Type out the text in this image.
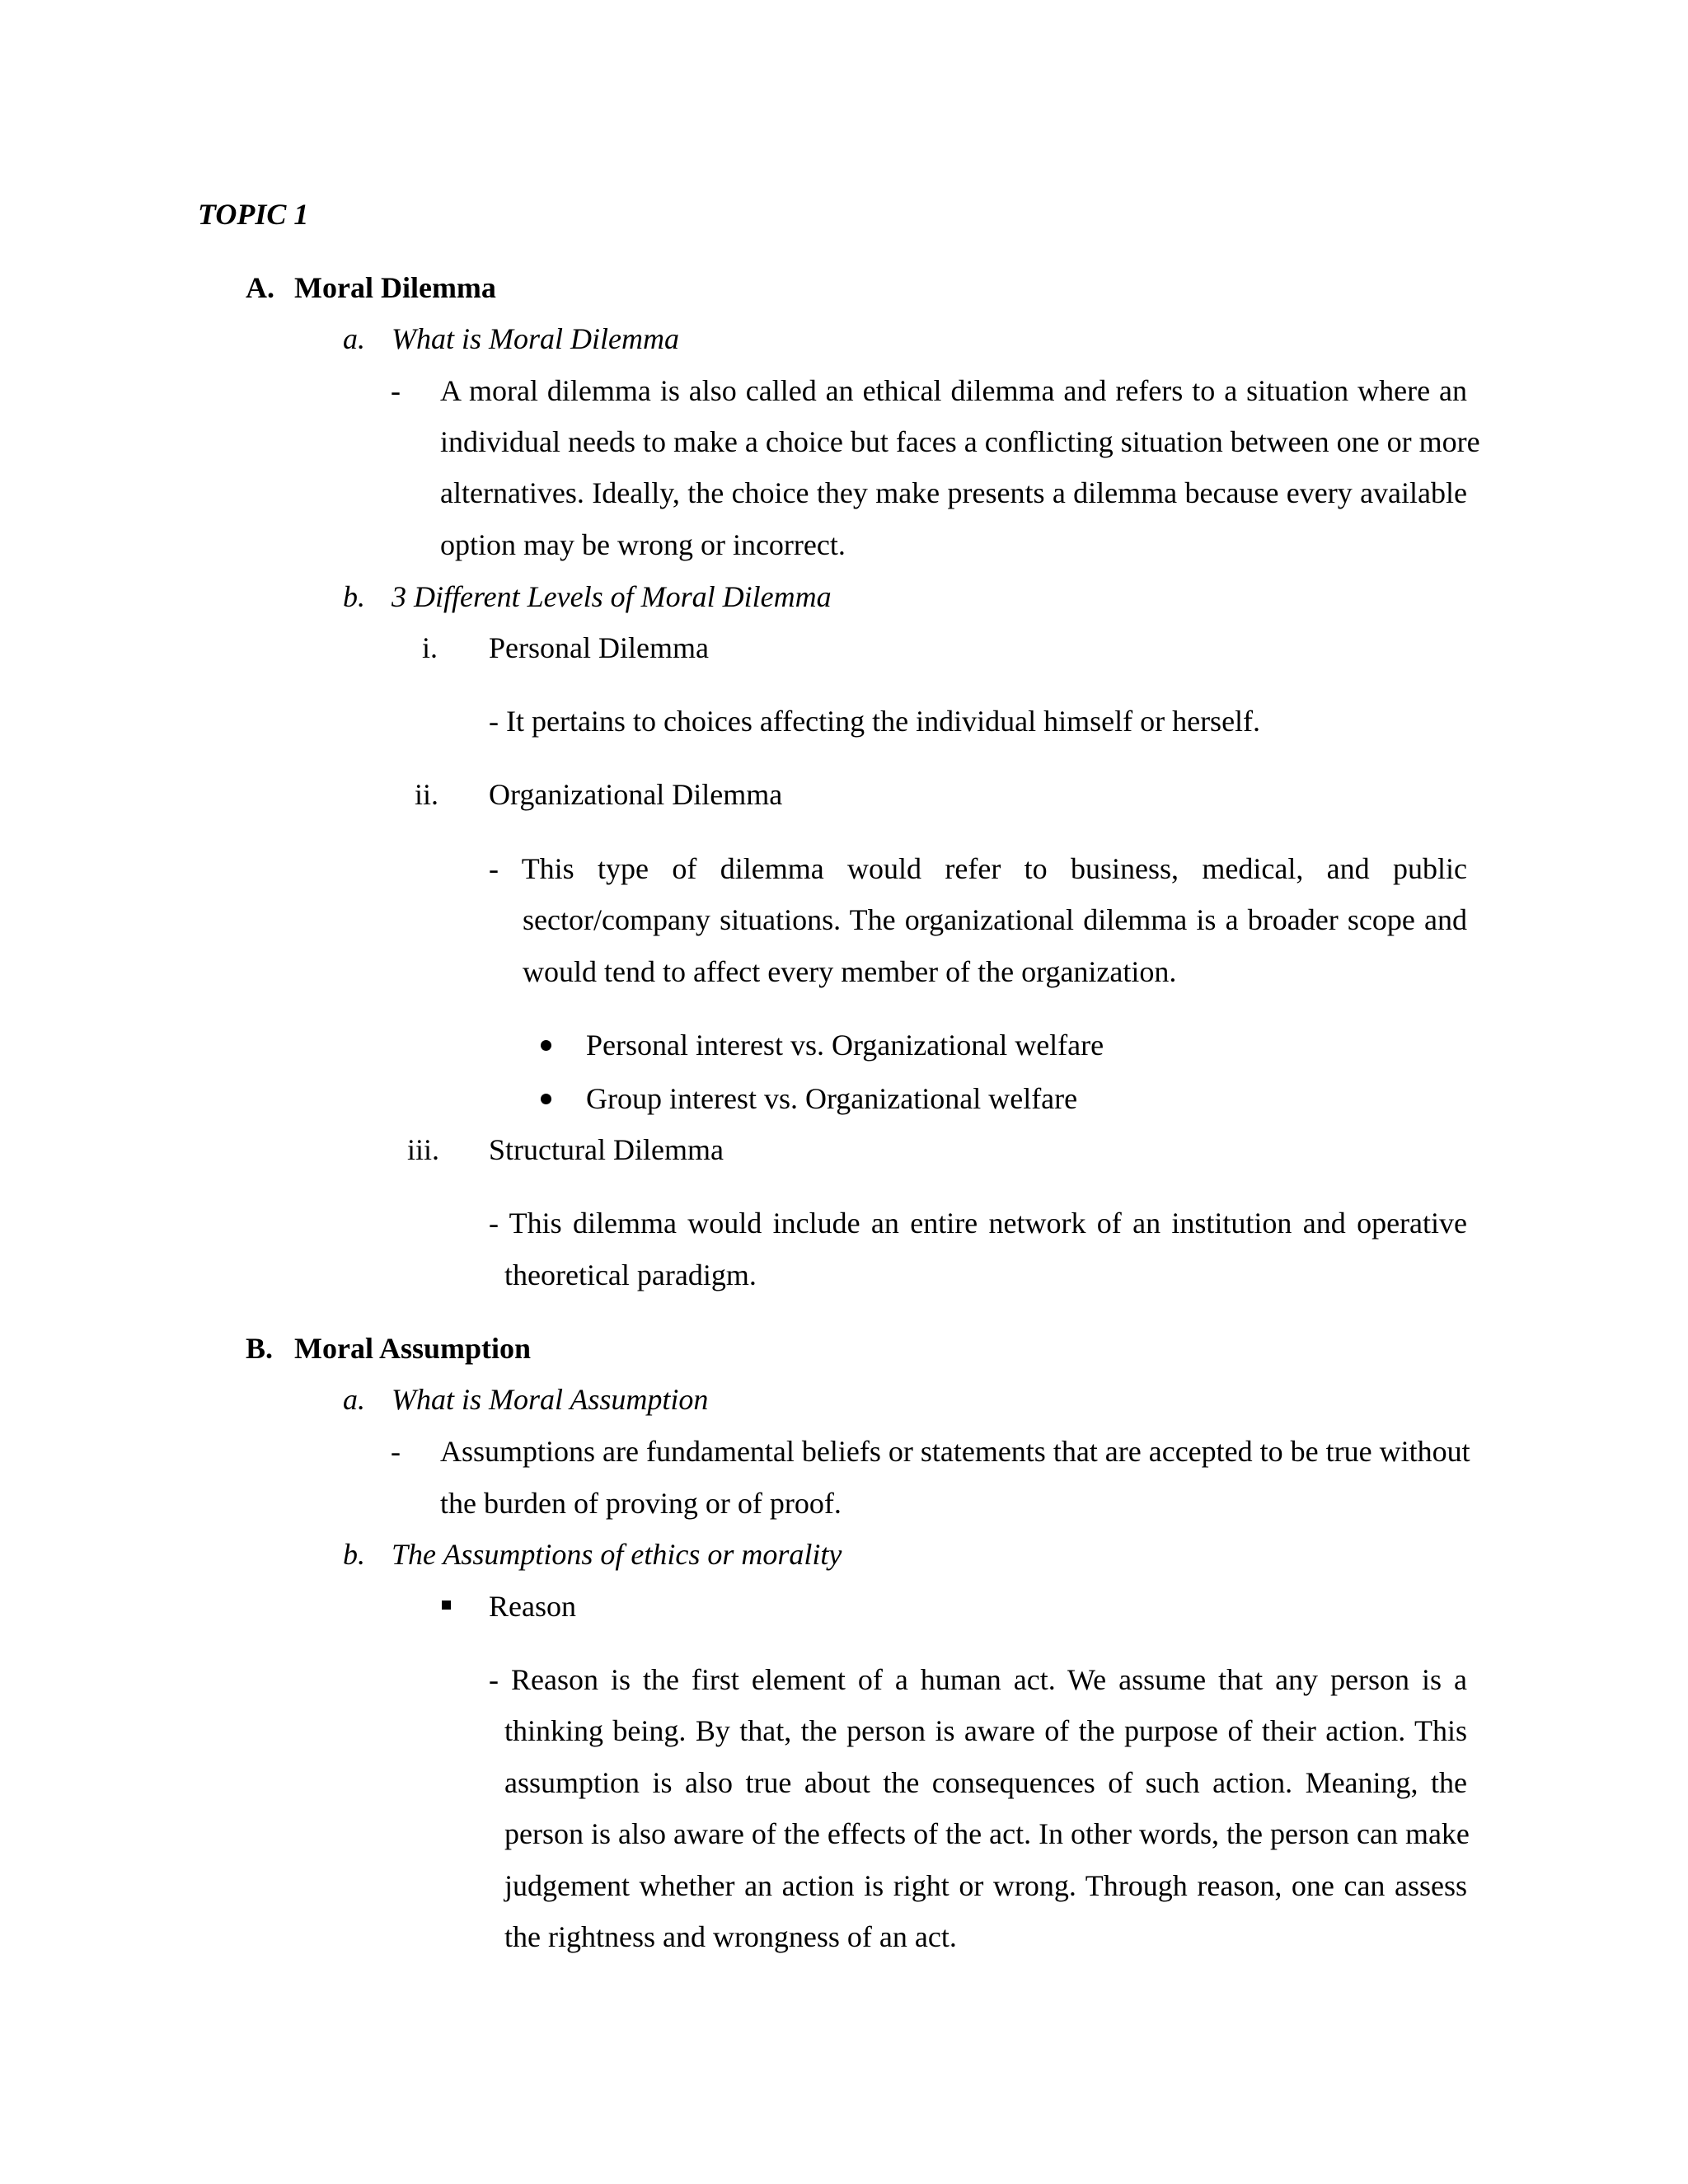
TOPIC 1
A. Moral Dilemma
a. What is Moral Dilemma
- A moral dilemma is also called an ethical dilemma and refers to a situation where an
individual needs to make a choice but faces a conflicting situation between one or more
alternatives. Ideally, the choice they make presents a dilemma because every available
option may be wrong or incorrect.
b. 3 Different Levels of Moral Dilemma
i. Personal Dilemma
- It pertains to choices affecting the individual himself or herself.
ii. Organizational Dilemma
- This type of dilemma would refer to business, medical, and public
sector/company situations. The organizational dilemma is a broader scope and
would tend to affect every member of the organization.
Personal interest vs. Organizational welfare
Group interest vs. Organizational welfare
iii. Structural Dilemma
- This dilemma would include an entire network of an institution and operative
theoretical paradigm.
B. Moral Assumption
a. What is Moral Assumption
- Assumptions are fundamental beliefs or statements that are accepted to be true without
the burden of proving or of proof.
b. The Assumptions of ethics or morality
Reason
- Reason is the first element of a human act. We assume that any person is a
thinking being. By that, the person is aware of the purpose of their action. This
assumption is also true about the consequences of such action. Meaning, the
person is also aware of the effects of the act. In other words, the person can make
judgement whether an action is right or wrong. Through reason, one can assess
the rightness and wrongness of an act.
